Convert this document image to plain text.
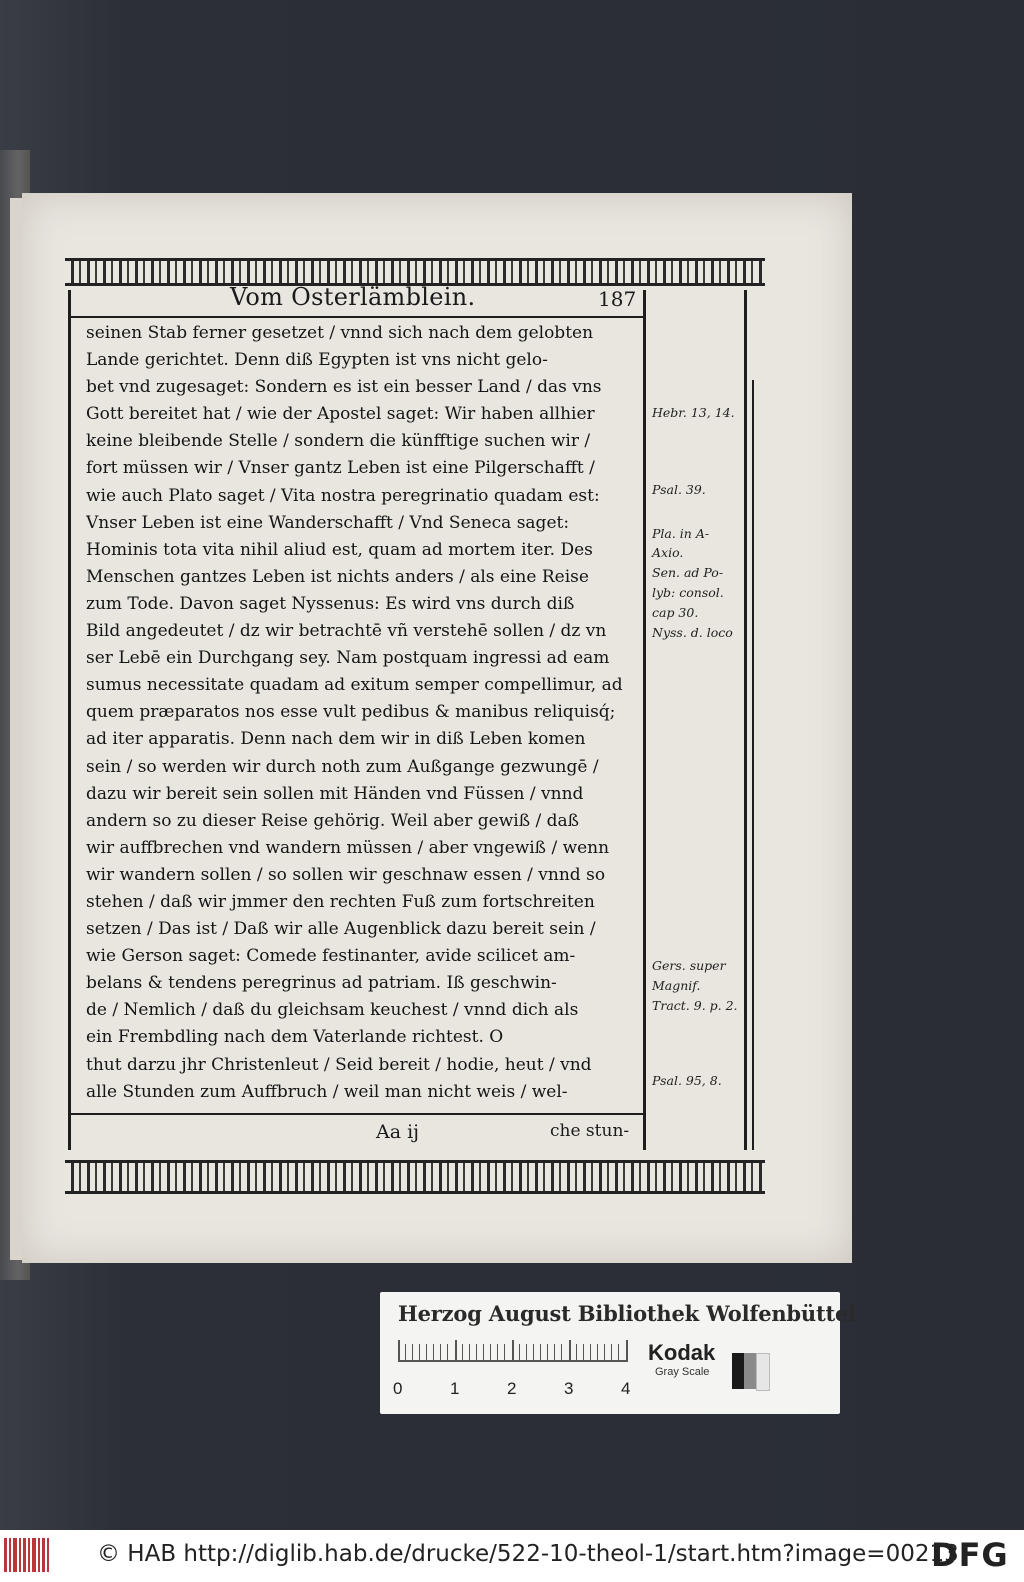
Vom Osterlämblein.	187
seinen Stab ferner gesetzet / vnnd sich nach dem gelobten
Lande gerichtet. Denn diß Egypten ist vns nicht gelo-
bet vnd zugesaget: Sondern es ist ein besser Land / das vns
Gott bereitet hat / wie der Apostel saget: Wir haben allhier
keine bleibende Stelle / sondern die künfftige suchen wir /
fort müssen wir / Vnser gantz Leben ist eine Pilgerschafft /
wie auch Plato saget / Vita nostra peregrinatio quadam est:
Vnser Leben ist eine Wanderschafft / Vnd Seneca saget:
Hominis tota vita nihil aliud est, quam ad mortem iter. Des
Menschen gantzes Leben ist nichts anders / als eine Reise
zum Tode. Davon saget Nyssenus: Es wird vns durch diß
Bild angedeutet / dz wir betrachtē vñ verstehē sollen / dz vn
ser Lebē ein Durchgang sey. Nam postquam ingressi ad eam
sumus necessitate quadam ad exitum semper compellimur, ad
quem præparatos nos esse vult pedibus & manibus reliquisq́;
ad iter apparatis. Denn nach dem wir in diß Leben komen
sein / so werden wir durch noth zum Außgange gezwungē /
dazu wir bereit sein sollen mit Händen vnd Füssen / vnnd
andern so zu dieser Reise gehörig. Weil aber gewiß / daß
wir auffbrechen vnd wandern müssen / aber vngewiß / wenn
wir wandern sollen / so sollen wir geschnaw essen / vnnd so
stehen / daß wir jmmer den rechten Fuß zum fortschreiten
setzen / Das ist / Daß wir alle Augenblick dazu bereit sein /
wie Gerson saget: Comede festinanter, avide scilicet am-
belans & tendens peregrinus ad patriam. Iß geschwin-
de / Nemlich / daß du gleichsam keuchest / vnnd dich als
ein Frembdling nach dem Vaterlande richtest. O
thut darzu jhr Christenleut / Seid bereit / hodie, heut / vnd
alle Stunden zum Auffbruch / weil man nicht weis / wel-
Hebr. 13, 14.
Psal. 39.
Pla. in A-
Axio.
Sen. ad Po-
lyb: consol.
cap 30.
Nyss. d. loco
Gers. super
Magnif.
Tract. 9. p. 2.
Psal. 95, 8.
Aa ij	che stun-
Herzog August Bibliothek Wolfenbüttel
0	1	2	3	4
Kodak
Gray Scale
© HAB http://diglib.hab.de/drucke/522-10-theol-1/start.htm?image=00213
DFG
